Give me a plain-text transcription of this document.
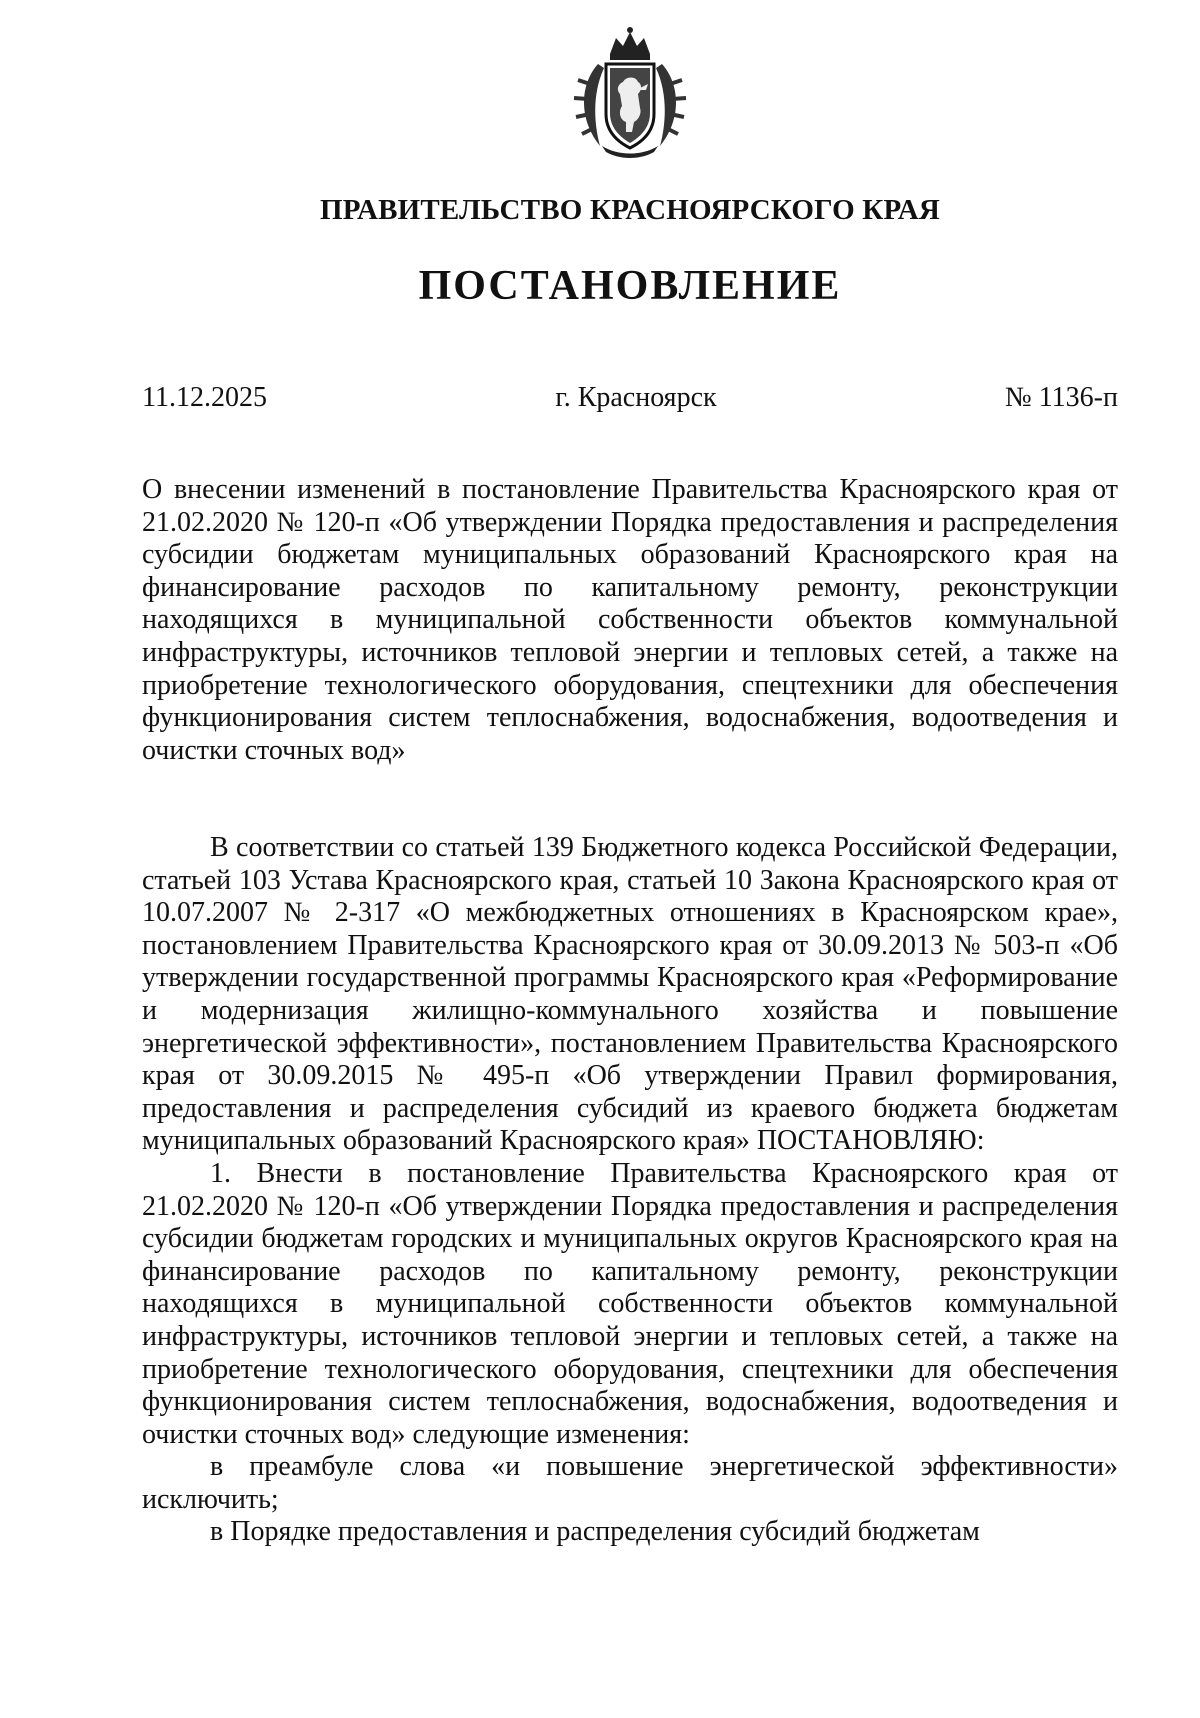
ПРАВИТЕЛЬСТВО КРАСНОЯРСКОГО КРАЯ
ПОСТАНОВЛЕНИЕ
11.12.2025	г. Красноярск	№ 1136-п
О внесении изменений в постановление Правительства Красноярского края от 21.02.2020 № 120-п «Об утверждении Порядка предоставления и распределения субсидии бюджетам муниципальных образований Красноярского края на финансирование расходов по капитальному ремонту, реконструкции находящихся в муниципальной собственности объектов коммунальной инфраструктуры, источников тепловой энергии и тепловых сетей, а также на приобретение технологического оборудования, спецтехники для обеспечения функционирования систем теплоснабжения, водоснабжения, водоотведения и очистки сточных вод»

В соответствии со статьей 139 Бюджетного кодекса Российской Федерации, статьей 103 Устава Красноярского края, статьей 10 Закона Красноярского края от 10.07.2007 № 2-317 «О межбюджетных отношениях в Красноярском крае», постановлением Правительства Красноярского края от 30.09.2013 № 503-п «Об утверждении государственной программы Красноярского края «Реформирование и модернизация жилищно-коммунального хозяйства и повышение энергетической эффективности», постановлением Правительства Красноярского края от 30.09.2015 № 495-п «Об утверждении Правил формирования, предоставления и распределения субсидий из краевого бюджета бюджетам муниципальных образований Красноярского края» ПОСТАНОВЛЯЮ:

1. Внести в постановление Правительства Красноярского края от 21.02.2020 № 120-п «Об утверждении Порядка предоставления и распределения субсидии бюджетам городских и муниципальных округов Красноярского края на финансирование расходов по капитальному ремонту, реконструкции находящихся в муниципальной собственности объектов коммунальной инфраструктуры, источников тепловой энергии и тепловых сетей, а также на приобретение технологического оборудования, спецтехники для обеспечения функционирования систем теплоснабжения, водоснабжения, водоотведения и очистки сточных вод» следующие изменения:

в преамбуле слова «и повышение энергетической эффективности» исключить;

в Порядке предоставления и распределения субсидий бюджетам
